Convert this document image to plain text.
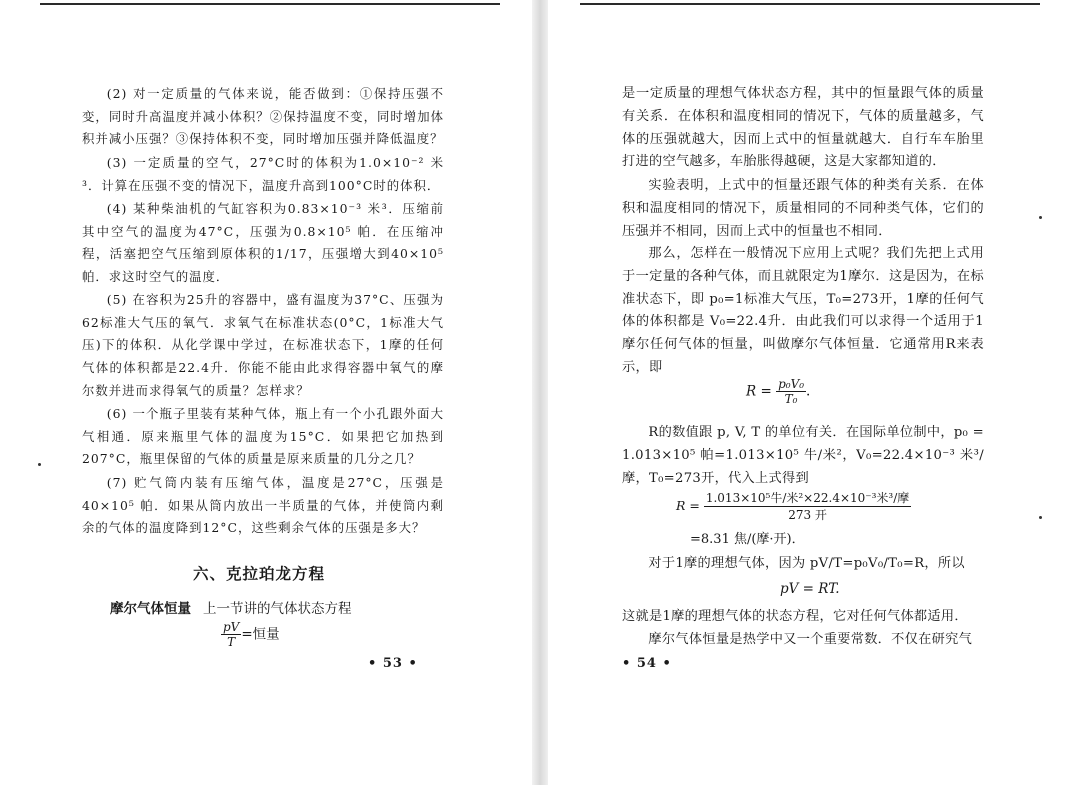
(2) 对一定质量的气体来说，能否做到：①保持压强不变，同时升高温度并减小体积？②保持温度不变，同时增加体积并减小压强？③保持体积不变，同时增加压强并降低温度？

(3) 一定质量的空气，27°C时的体积为1.0×10⁻² 米³．计算在压强不变的情况下，温度升高到100°C时的体积．

(4) 某种柴油机的气缸容积为0.83×10⁻³ 米³．压缩前其中空气的温度为47°C，压强为0.8×10⁵ 帕．在压缩冲程，活塞把空气压缩到原体积的1/17，压强增大到40×10⁵ 帕．求这时空气的温度．

(5) 在容积为25升的容器中，盛有温度为37°C、压强为62标准大气压的氧气．求氧气在标准状态(0°C，1标准大气压)下的体积．从化学课中学过，在标准状态下，1摩的任何气体的体积都是22.4升．你能不能由此求得容器中氧气的摩尔数并进而求得氧气的质量？怎样求？

(6) 一个瓶子里装有某种气体，瓶上有一个小孔跟外面大气相通．原来瓶里气体的温度为15°C．如果把它加热到207°C，瓶里保留的气体的质量是原来质量的几分之几？

(7) 贮气筒内装有压缩气体，温度是27°C，压强是40×10⁵ 帕．如果从筒内放出一半质量的气体，并使筒内剩余的气体的温度降到12°C，这些剩余气体的压强是多大？

六、克拉珀龙方程
摩尔气体恒量 上一节讲的气体状态方程
$\frac{pV}{T}$ =恒量
• 53 •

是一定质量的理想气体状态方程，其中的恒量跟气体的质量有关系．在体积和温度相同的情况下，气体的质量越多，气体的压强就越大，因而上式中的恒量就越大．自行车车胎里打进的空气越多，车胎胀得越硬，这是大家都知道的．

实验表明，上式中的恒量还跟气体的种类有关系．在体积和温度相同的情况下，质量相同的不同种类气体，它们的压强并不相同，因而上式中的恒量也不相同．

那么，怎样在一般情况下应用上式呢？我们先把上式用于一定量的各种气体，而且就限定为1摩尔．这是因为，在标准状态下，即 p₀=1标准大气压，T₀=273开，1摩的任何气体的体积都是 V₀=22.4升．由此我们可以求得一个适用于1摩尔任何气体的恒量，叫做摩尔气体恒量．它通常用R来表示，即

$R = \frac{\text{p₀V₀}}{\text{T₀}}$ .

R的数值跟 p, V, T 的单位有关．在国际单位制中，p₀ = 1.013×10⁵ 帕=1.013×10⁵ 牛/米²，V₀=22.4×10⁻³ 米³/摩，T₀=273开，代入上式得到

$R = \frac{\text{1.013×10⁵牛/米²×22.4×10⁻³米³/摩}}{\text{273 开}}$
=8.31 焦/(摩·开)．

对于1摩的理想气体，因为 pV/T=p₀V₀/T₀=R，所以

pV = RT.

这就是1摩的理想气体的状态方程，它对任何气体都适用．

摩尔气体恒量是热学中又一个重要常数．不仅在研究气

• 54 •
